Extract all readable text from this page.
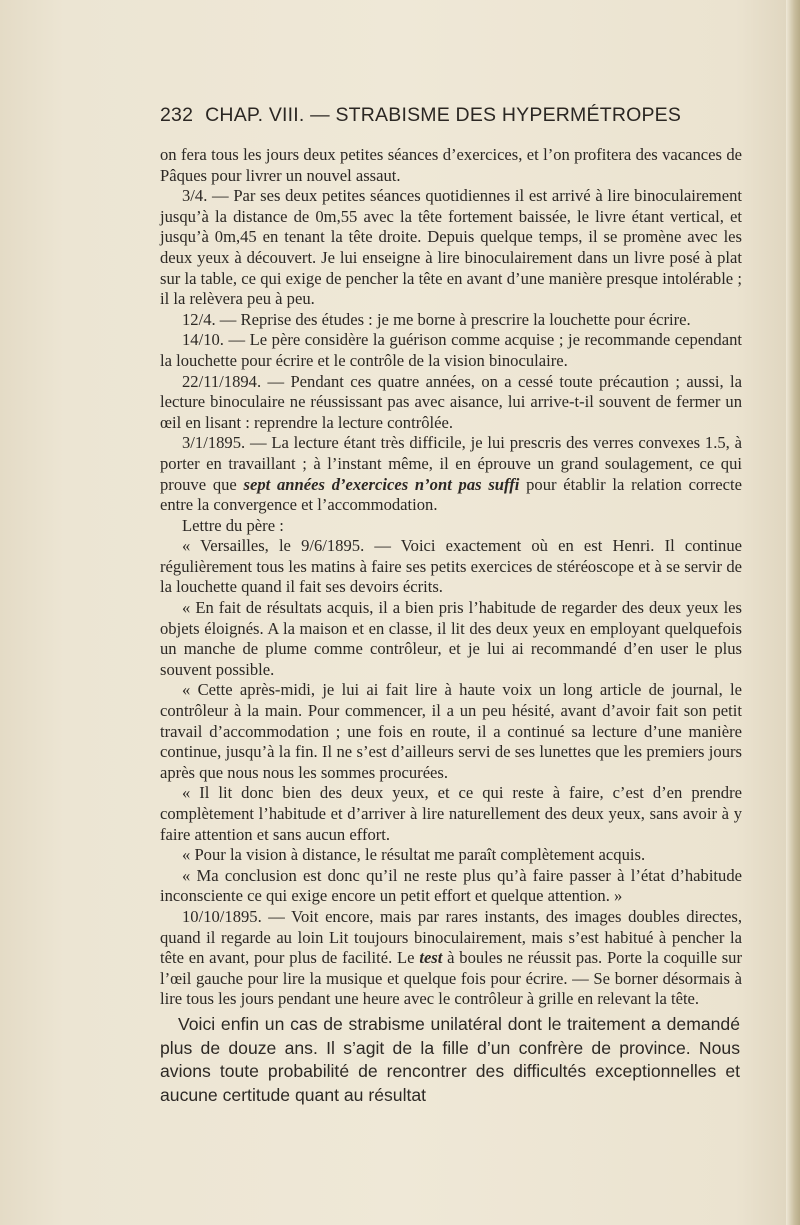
232 CHAP. VIII. — STRABISME DES HYPERMÉTROPES

on fera tous les jours deux petites séances d’exercices, et l’on profitera des vacances de Pâques pour livrer un nouvel assaut.

3/4. — Par ses deux petites séances quotidiennes il est arrivé à lire binoculairement jusqu’à la distance de 0m,55 avec la tête fortement baissée, le livre étant vertical, et jusqu’à 0m,45 en tenant la tête droite. Depuis quelque temps, il se promène avec les deux yeux à découvert. Je lui enseigne à lire binoculairement dans un livre posé à plat sur la table, ce qui exige de pencher la tête en avant d’une manière presque intolérable ; il la relèvera peu à peu.

12/4. — Reprise des études : je me borne à prescrire la louchette pour écrire.

14/10. — Le père considère la guérison comme acquise ; je recommande cependant la louchette pour écrire et le contrôle de la vision binoculaire.

22/11/1894. — Pendant ces quatre années, on a cessé toute précaution ; aussi, la lecture binoculaire ne réussissant pas avec aisance, lui arrive-t-il souvent de fermer un œil en lisant : reprendre la lecture contrôlée.

3/1/1895. — La lecture étant très difficile, je lui prescris des verres convexes 1.5, à porter en travaillant ; à l’instant même, il en éprouve un grand soulagement, ce qui prouve que sept années d’exercices n’ont pas suffi pour établir la relation correcte entre la convergence et l’accommodation.

Lettre du père :

« Versailles, le 9/6/1895. — Voici exactement où en est Henri. Il continue régulièrement tous les matins à faire ses petits exercices de stéréoscope et à se servir de la louchette quand il fait ses devoirs écrits.

« En fait de résultats acquis, il a bien pris l’habitude de regarder des deux yeux les objets éloignés. A la maison et en classe, il lit des deux yeux en employant quelquefois un manche de plume comme contrôleur, et je lui ai recommandé d’en user le plus souvent possible.

« Cette après-midi, je lui ai fait lire à haute voix un long article de journal, le contrôleur à la main. Pour commencer, il a un peu hésité, avant d’avoir fait son petit travail d’accommodation ; une fois en route, il a continué sa lecture d’une manière continue, jusqu’à la fin. Il ne s’est d’ailleurs servi de ses lunettes que les premiers jours après que nous nous les sommes procurées.

« Il lit donc bien des deux yeux, et ce qui reste à faire, c’est d’en prendre complètement l’habitude et d’arriver à lire naturellement des deux yeux, sans avoir à y faire attention et sans aucun effort.

« Pour la vision à distance, le résultat me paraît complètement acquis.

« Ma conclusion est donc qu’il ne reste plus qu’à faire passer à l’état d’habitude inconsciente ce qui exige encore un petit effort et quelque attention. »

10/10/1895. — Voit encore, mais par rares instants, des images doubles directes, quand il regarde au loin Lit toujours binoculairement, mais s’est habitué à pencher la tête en avant, pour plus de facilité. Le test à boules ne réussit pas. Porte la coquille sur l’œil gauche pour lire la musique et quelque fois pour écrire. — Se borner désormais à lire tous les jours pendant une heure avec le contrôleur à grille en relevant la tête.

Voici enfin un cas de strabisme unilatéral dont le traitement a demandé plus de douze ans. Il s’agit de la fille d’un confrère de province. Nous avions toute probabilité de rencontrer des difficultés exceptionnelles et aucune certitude quant au résultat
